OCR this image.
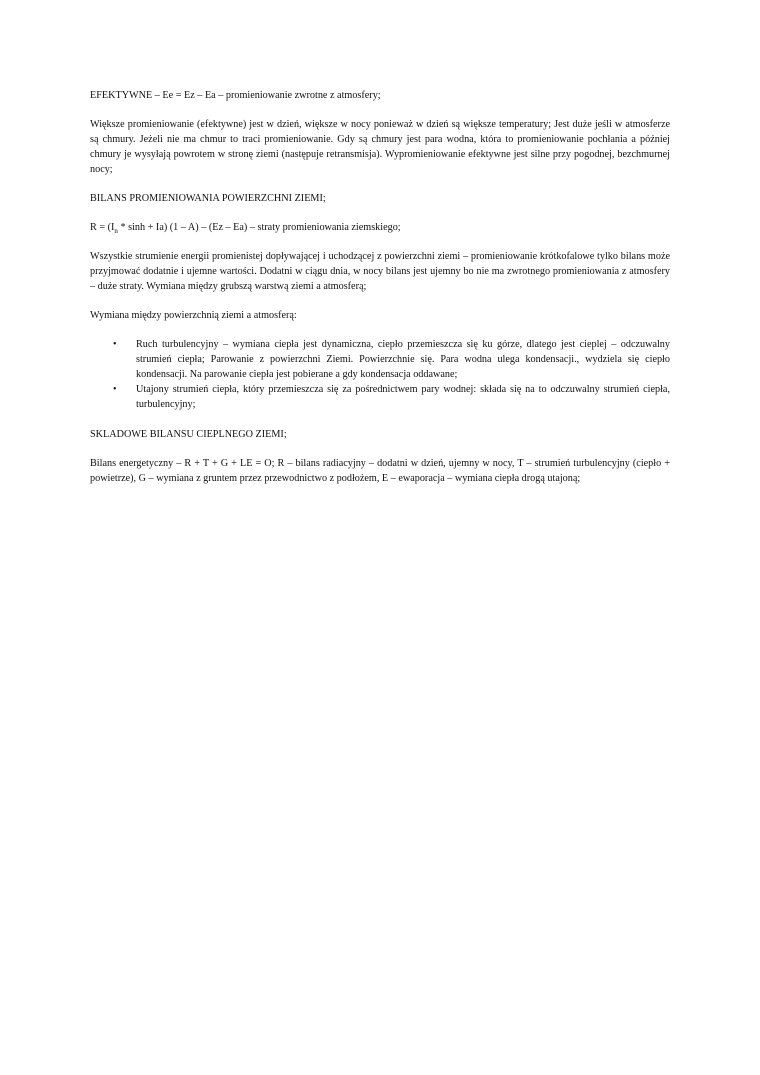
EFEKTYWNE – Ee = Ez – Ea – promieniowanie zwrotne z atmosfery;

Większe promieniowanie (efektywne) jest w dzień, większe w nocy ponieważ w dzień są większe temperatury; Jest duże jeśli w atmosferze są chmury. Jeżeli nie ma chmur to traci promieniowanie. Gdy są chmury jest para wodna, która to promieniowanie pochłania a później chmury je wysyłają powrotem w stronę ziemi (następuje retransmisja). Wypromieniowanie efektywne jest silne przy pogodnej, bezchmurnej nocy;

BILANS PROMIENIOWANIA POWIERZCHNI ZIEMI;

$R = (I_n * \sinh + Ia)$ (1 – A) – (Ez – Ea) – straty promieniowania ziemskiego;

Wszystkie strumienie energii promienistej dopływającej i uchodzącej z powierzchni ziemi – promieniowanie krótkofalowe tylko bilans może przyjmować dodatnie i ujemne wartości. Dodatni w ciągu dnia, w nocy bilans jest ujemny bo nie ma zwrotnego promieniowania z atmosfery – duże straty. Wymiana między grubszą warstwą ziemi a atmosferą;

Wymiana między powierzchnią ziemi a atmosferą:

• Ruch turbulencyjny – wymiana ciepła jest dynamiczna, ciepło przemieszcza się ku górze, dlatego jest cieplej – odczuwalny strumień ciepła; Parowanie z powierzchni Ziemi. Powierzchnie się. Para wodna ulega kondensacji., wydziela się ciepło kondensacji. Na parowanie ciepła jest pobierane a gdy kondensacja oddawane;
• Utajony strumień ciepła, który przemieszcza się za pośrednictwem pary wodnej: składa się na to odczuwalny strumień ciepła, turbulencyjny;

SKLADOWE BILANSU CIEPLNEGO ZIEMI;

Bilans energetyczny – R + T + G + LE = O; R – bilans radiacyjny – dodatni w dzień, ujemny w nocy, T – strumień turbulencyjny (ciepło + powietrze), G – wymiana z gruntem przez przewodnictwo z podłożem, E – ewaporacja – wymiana ciepła drogą utajoną;
